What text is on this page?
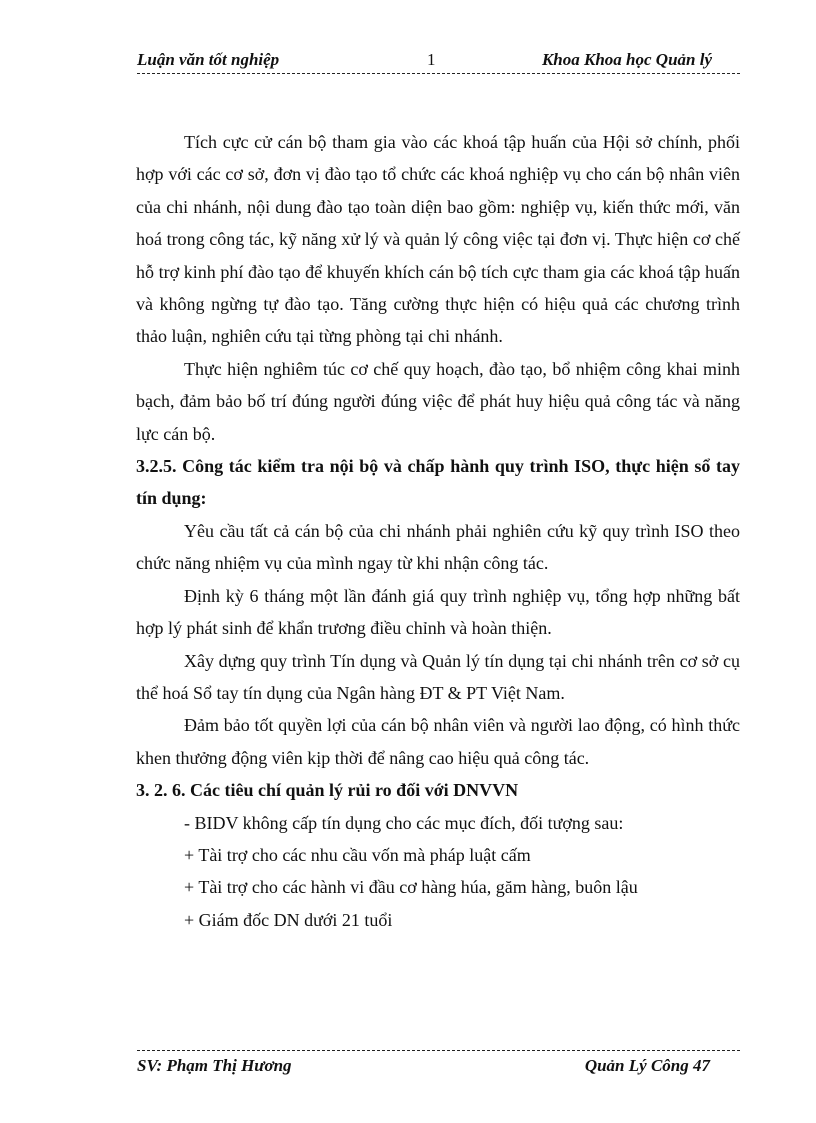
Luận văn tốt nghiệp	1	Khoa Khoa học Quản lý

Tích cực cử cán bộ tham gia vào các khoá tập huấn của Hội sở chính, phối hợp với các cơ sở, đơn vị đào tạo tổ chức các khoá nghiệp vụ cho cán bộ nhân viên của chi nhánh, nội dung đào tạo toàn diện bao gồm: nghiệp vụ, kiến thức mới, văn hoá trong công tác, kỹ năng xử lý và quản lý công việc tại đơn vị. Thực hiện cơ chế hỗ trợ kinh phí đào tạo để khuyến khích cán bộ tích cực tham gia các khoá tập huấn và không ngừng tự đào tạo. Tăng cường thực hiện có hiệu quả các chương trình thảo luận, nghiên cứu tại từng phòng tại chi nhánh.

Thực hiện nghiêm túc cơ chế quy hoạch, đào tạo, bổ nhiệm công khai minh bạch, đảm bảo bố trí đúng người đúng việc để phát huy hiệu quả công tác và năng lực cán bộ.

3.2.5. Công tác kiểm tra nội bộ và chấp hành quy trình ISO, thực hiện sổ tay tín dụng:

Yêu cầu tất cả cán bộ của chi nhánh phải nghiên cứu kỹ quy trình ISO theo chức năng nhiệm vụ của mình ngay từ khi nhận công tác.

Định kỳ 6 tháng một lần đánh giá quy trình nghiệp vụ, tổng hợp những bất hợp lý phát sinh để khẩn trương điều chỉnh và hoàn thiện.

Xây dựng quy trình Tín dụng và Quản lý tín dụng tại chi nhánh trên cơ sở cụ thể hoá Sổ tay tín dụng của Ngân hàng ĐT & PT Việt Nam.

Đảm bảo tốt quyền lợi của cán bộ nhân viên và người lao động, có hình thức khen thưởng động viên kịp thời để nâng cao hiệu quả công tác.

3. 2. 6. Các tiêu chí quản lý rủi ro đối với DNVVN

- BIDV không cấp tín dụng cho các mục đích, đối tượng sau:

+ Tài trợ cho các nhu cầu vốn mà pháp luật cấm

+ Tài trợ cho các hành vi đầu cơ hàng húa, găm hàng, buôn lậu

+ Giám đốc DN dưới 21 tuổi

SV: Phạm Thị Hương	Quản Lý Công 47
